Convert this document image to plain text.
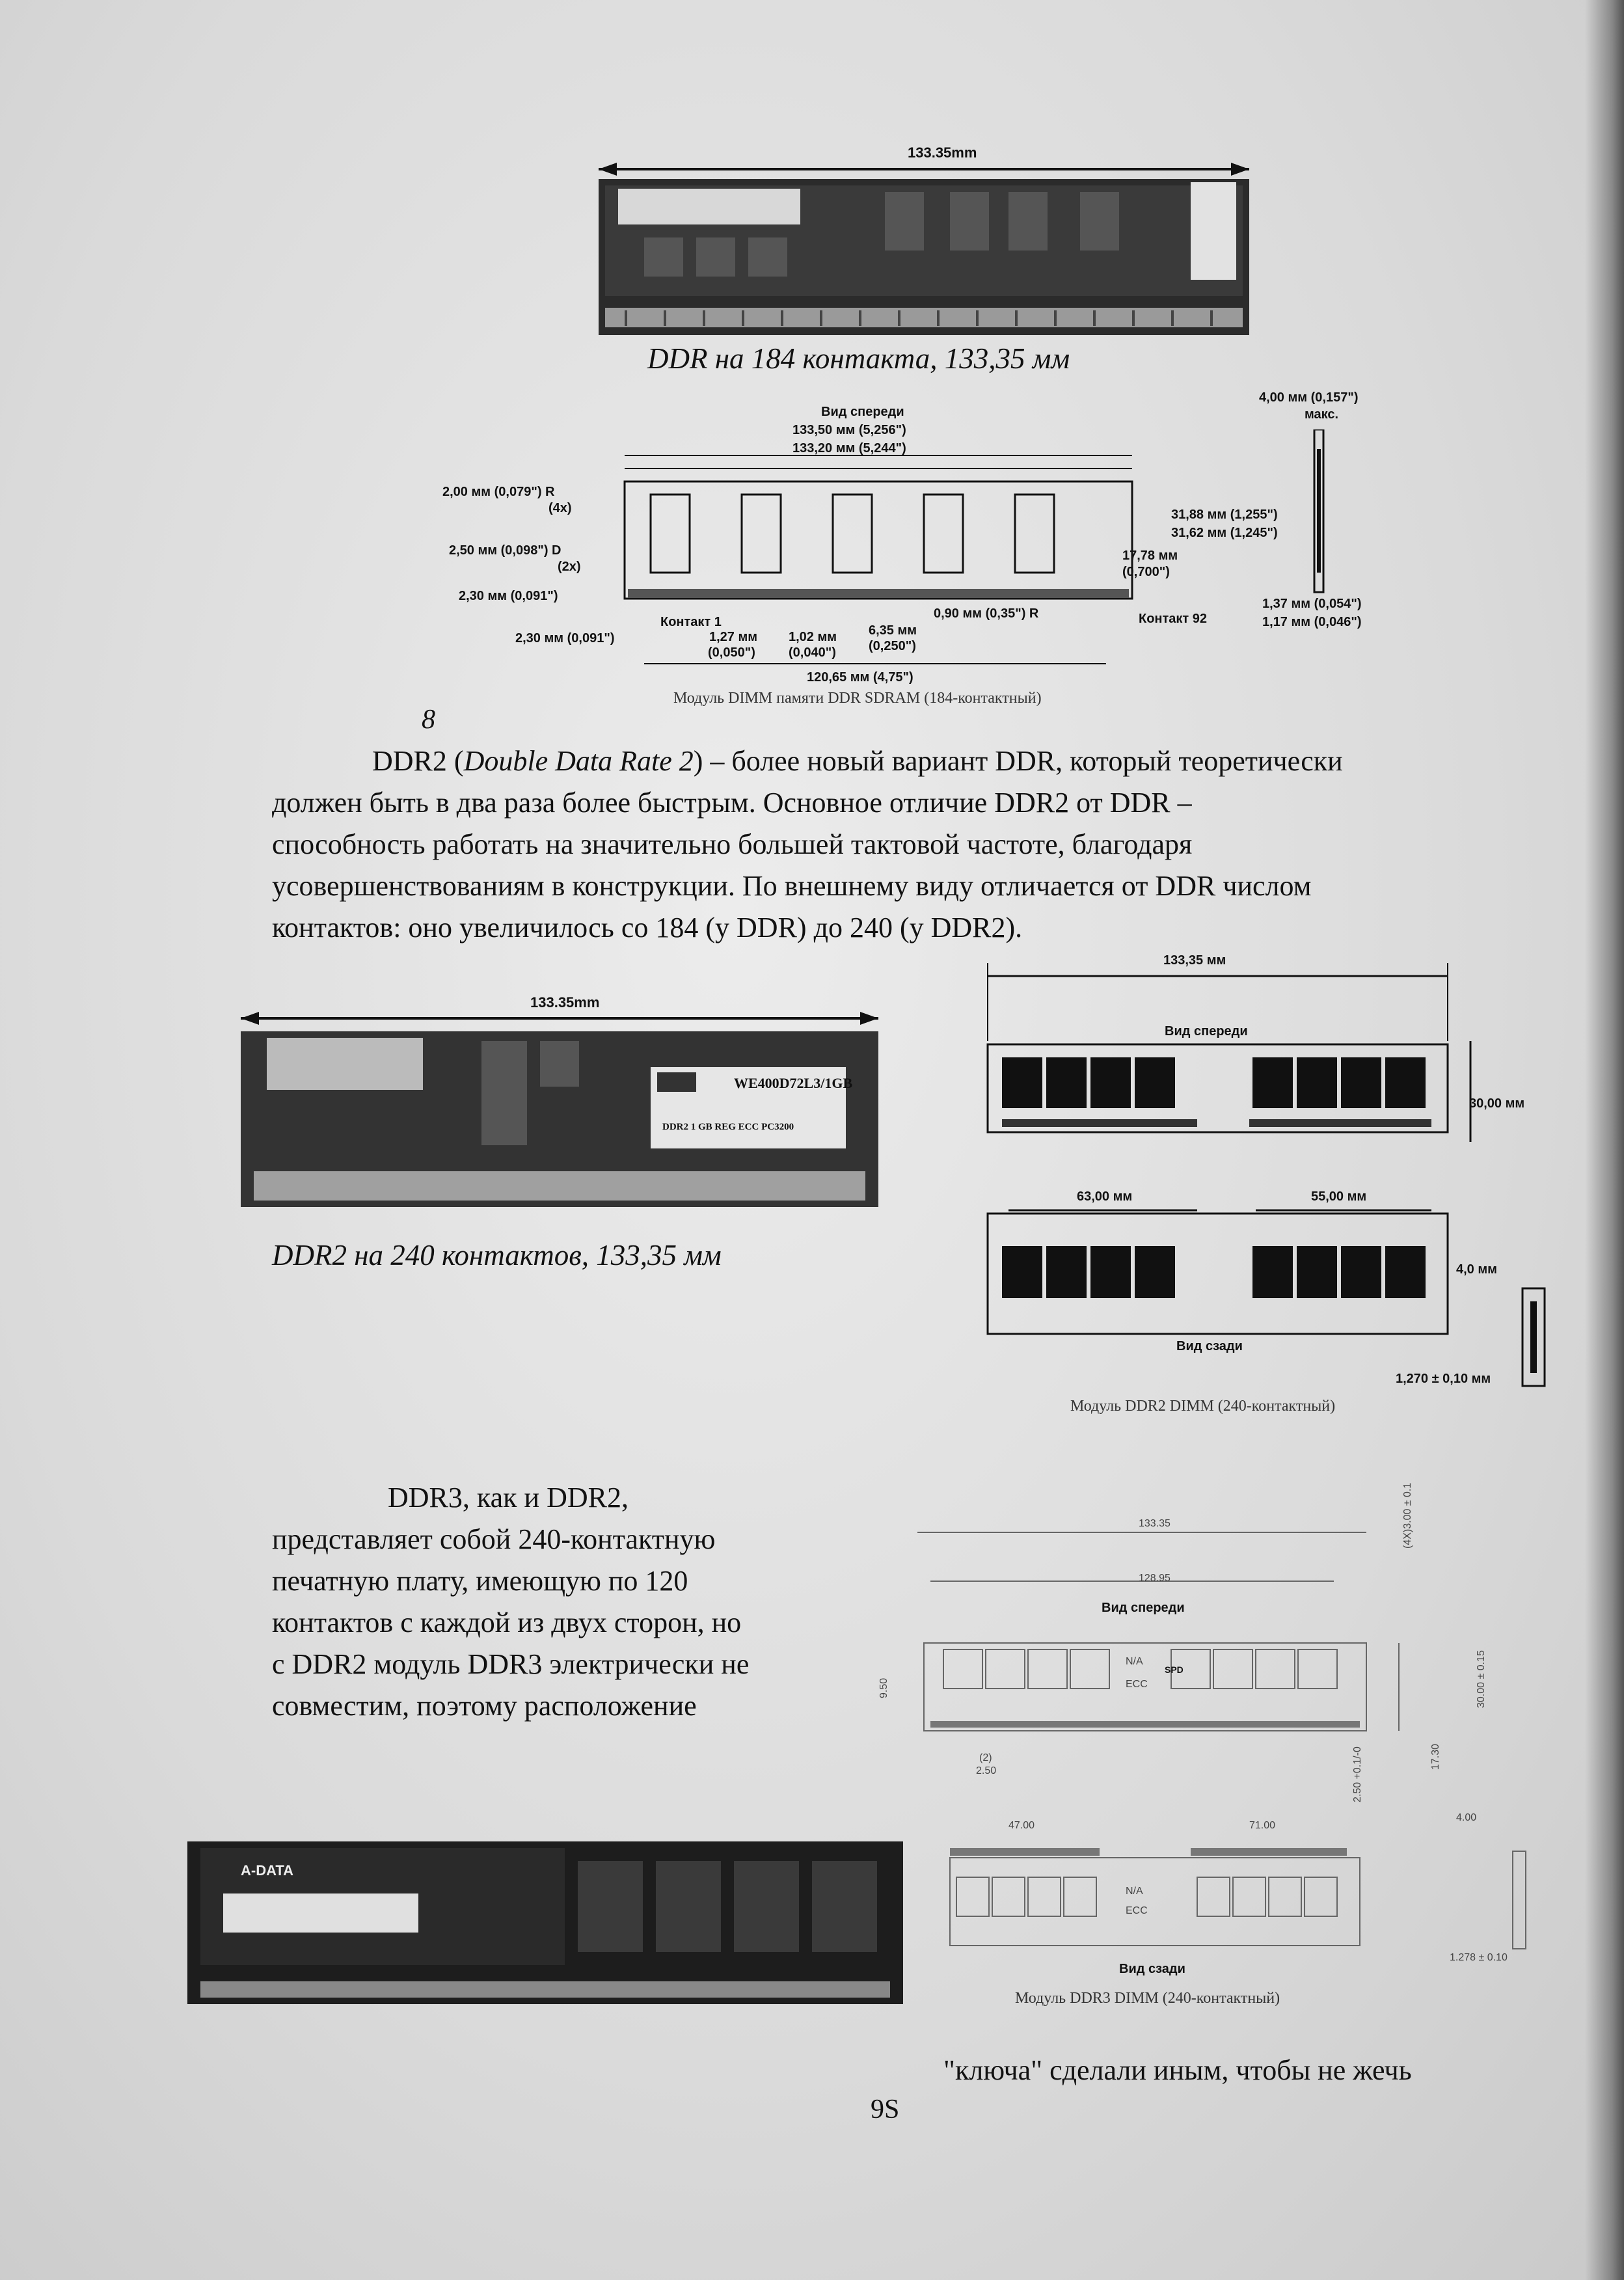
133.35mm
DDR на 184 контакта, 133,35 мм
Вид спереди
133,50 мм (5,256")
133,20 мм (5,244")
4,00 мм (0,157")
макс.
2,00 мм (0,079") R
(4x)
2,50 мм (0,098") D
(2x)
2,30 мм (0,091")
2,30 мм (0,091")
31,88 мм (1,255")
31,62 мм (1,245")
17,78 мм
(0,700")
1,37 мм (0,054")
1,17 мм (0,046")
Контакт 1
1,27 мм
(0,050")
1,02 мм
(0,040")
6,35 мм
(0,250")
0,90 мм (0,35") R	Контакт 92
120,65 мм (4,75")
Модуль DIMM памяти DDR SDRAM (184-контактный)
8
DDR2 (Double Data Rate 2) – более новый вариант DDR, который теоретически
должен быть в два раза более быстрым. Основное отличие DDR2 от DDR –
способность работать на значительно большей тактовой частоте, благодаря
усовершенствованиям в конструкции. По внешнему виду отличается от DDR числом
контактов: оно увеличилось со 184 (у DDR) до 240 (у DDR2).
133.35mm
WE400D72L3/1GB
DDR2 1 GB REG ECC PC3200
DDR2 на 240 контактов, 133,35 мм
133,35 мм
Вид спереди
30,00 мм
63,00 мм	55,00 мм
4,0 мм
Вид сзади
1,270 ± 0,10 мм
Модуль DDR2 DIMM (240-контактный)
DDR3, как и DDR2,
представляет собой 240-контактную
печатную плату, имеющую по 120
контактов с каждой из двух сторон, но
с DDR2 модуль DDR3 электрически не
совместим, поэтому расположение
133.35
128.95
Вид спереди
(4X)3.00 ± 0.1
30.00 ± 0.15
9.50
17.30
2.50 +0.1/-0
(2)
2.50
N/A
ECC
SPD
47.00	71.00
4.00
N/A
ECC
Вид сзади
1.278 ± 0.10
Модуль DDR3 DIMM (240-контактный)
A-DATA
"ключа" сделали иным, чтобы не жечь
9S
